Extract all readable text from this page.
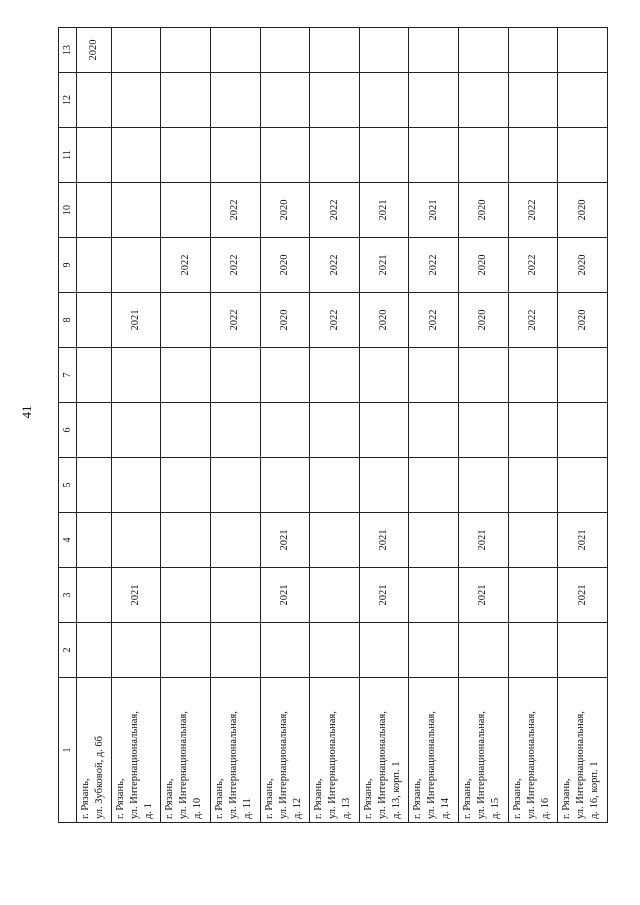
41
1	2	3	4	5	6	7	8	9	10	11	12	13

г. Рязань, ул. Зубковой, д. 6б												2020

г. Рязань, ул. Интернациональная, д. 1		2021					2021					

г. Рязань, ул. Интернациональная, д. 10								2022				

г. Рязань, ул. Интернациональная, д. 11							2022	2022	2022			

г. Рязань, ул. Интернациональная, д. 12		2021	2021				2020	2020	2020			

г. Рязань, ул. Интернациональная, д. 13							2022	2022	2022			

г. Рязань, ул. Интернациональная, д. 13, корп. 1		2021	2021				2020	2021	2021			

г. Рязань, ул. Интернациональная, д. 14							2022	2022	2021			

г. Рязань, ул. Интернациональная, д. 15		2021	2021				2020	2020	2020			

г. Рязань, ул. Интернациональная, д. 16							2022	2022	2022			

г. Рязань, ул. Интернациональная, д. 16, корп. 1		2021	2021				2020	2020	2020			
